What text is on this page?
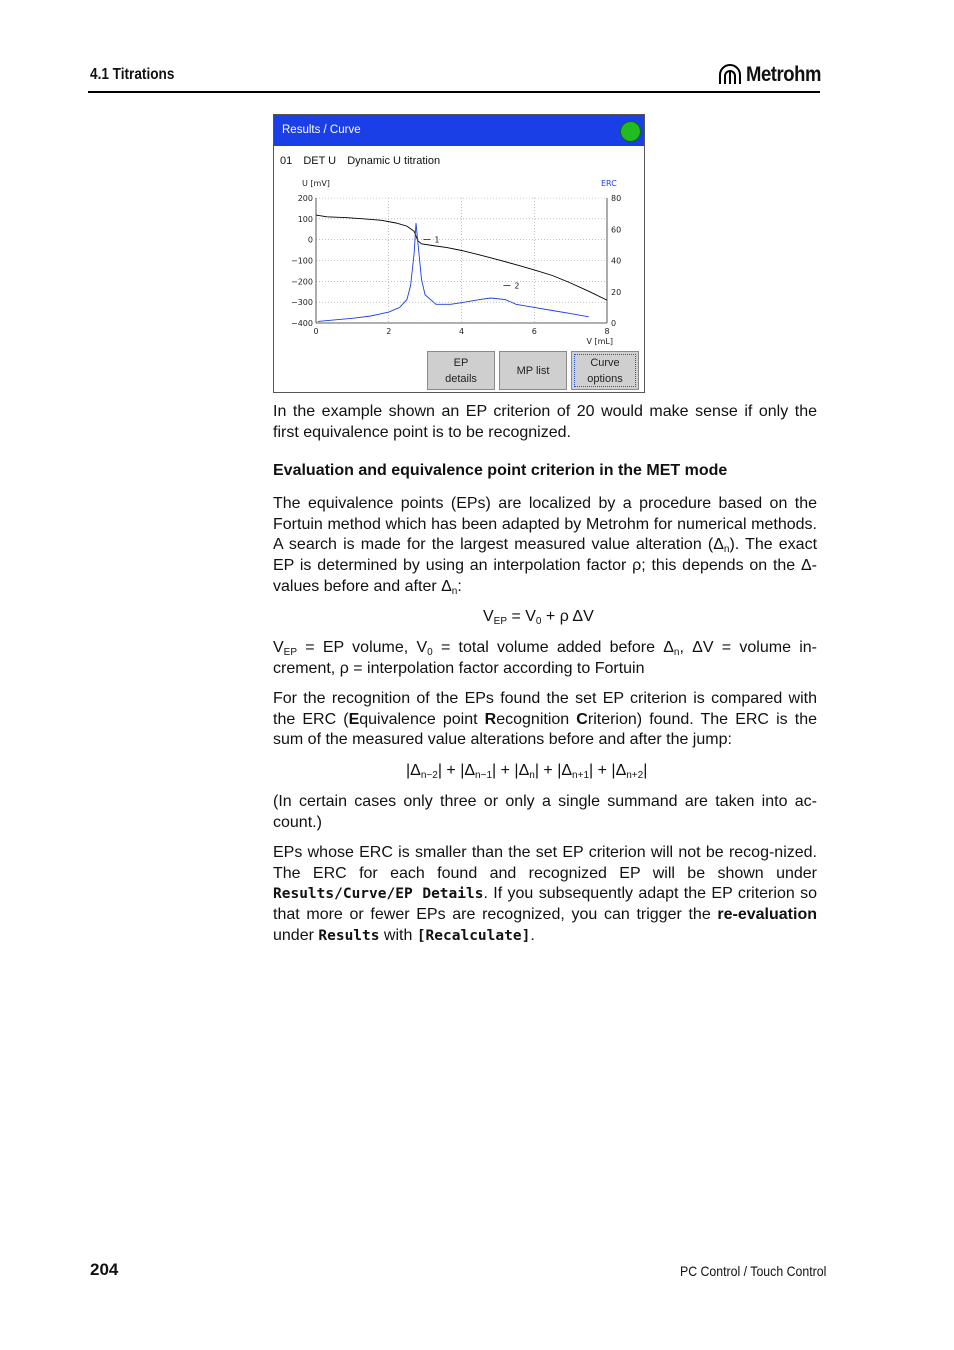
4.1 Titrations	Metrohm
Results / Curve
01 DET U Dynamic U titration
0	2	4	6	8
200
100
0
−100
−200
−300
−400
80
60
40
20
0
U [mV]	ERC
V [mL]
1
2
EP
details
MP list
Curve
options
In the example shown an EP criterion of 20 would make sense if only the first equivalence point is to be recognized.
Evaluation and equivalence point criterion in the MET mode
The equivalence points (EPs) are localized by a procedure based on the Fortuin method which has been adapted by Metrohm for numerical methods. A search is made for the largest measured value alteration $(\Delta_n)$. The exact EP is determined by using an interpolation factor ρ; this depends on the Δ-values before and after $\Delta_n$:
$V_{EP} = V_0 + \rho$ ΔV
$V_{EP}$ = EP volume, $V_0$ = total volume added before $\Delta_n$, ΔV = volume in-crement, ρ = interpolation factor according to Fortuin
For the recognition of the EPs found the set EP criterion is compared with the ERC (Equivalence point Recognition Criterion) found. The ERC is the sum of the measured value alterations before and after the jump:
$|\Delta_{n-2}| + |\Delta_{n-1}| + |\Delta_n| + |\Delta_{n+1}| + |\Delta_{n+2}|$
(In certain cases only three or only a single summand are taken into ac-count.)
EPs whose ERC is smaller than the set EP criterion will not be recog-nized. The ERC for each found and recognized EP will be shown under Results/Curve/EP Details. If you subsequently adapt the EP criterion so that more or fewer EPs are recognized, you can trigger the re-evaluation under Results with [Recalculate].
204	PC Control / Touch Control
